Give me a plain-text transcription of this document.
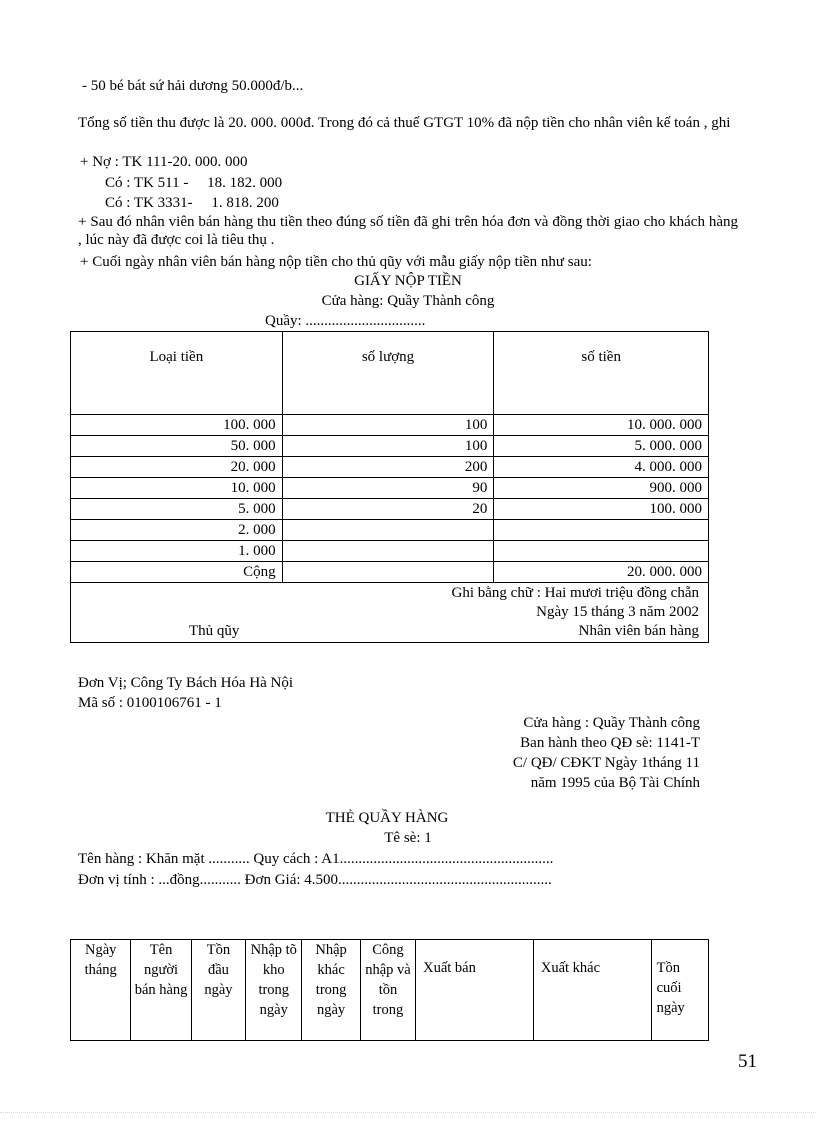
- 50 bé bát sứ hải dương 50.000đ/b...
Tổng số tiền thu được là 20. 000. 000đ. Trong đó cả thuế GTGT 10% đã nộp tiền cho nhân viên kế toán , ghi
+ Nợ : TK 111-20. 000. 000
Có : TK 511 -     18. 182. 000
Có : TK 3331-     1. 818. 200
+ Sau đó nhân viên bán hàng thu tiền theo đúng số tiền đã ghi trên hóa đơn và đồng thời giao cho khách hàng , lúc này đã được coi là tiêu thụ .
+ Cuối ngày nhân viên bán hàng nộp tiền cho thủ qũy với mẫu giấy nộp tiền như sau:
GIẤY NỘP TIỀN
Cửa hàng: Quầy Thành công
Quầy: ................................
Loại tiền	số lượng	số tiền
100. 000	100	10. 000. 000
50. 000	100	5. 000. 000
20. 000	200	4. 000. 000
10. 000	90	900. 000
5. 000	20	100. 000
2. 000		
1. 000		
Cộng		20. 000. 000

Ghi bằng chữ : Hai mươi triệu đồng chẵn
Ngày 15 tháng 3 năm 2002
Thủ qũy Nhân viên bán hàng		
Đơn Vị; Công Ty Bách Hóa Hà Nội
Mã số : 0100106761 - 1
Cửa hàng : Quầy Thành công
Ban hành theo QĐ sè: 1141-T
C/ QĐ/ CĐKT Ngày 1tháng 11
năm 1995 của Bộ Tài Chính
THẺ QUẦY HÀNG
Tê sè: 1
Tên hàng : Khăn mặt ........... Quy cách : A1.........................................................
Đơn vị tính : ...đồng........... Đơn Giá: 4.500.........................................................
Ngày tháng	Tên người bán hàng	Tồn đầu ngày	Nhập tõ kho trong ngày	Nhập khác trong ngày	Công nhập và tồn trong	Xuất bán	Xuất khác	Tồn cuối ngày
51
